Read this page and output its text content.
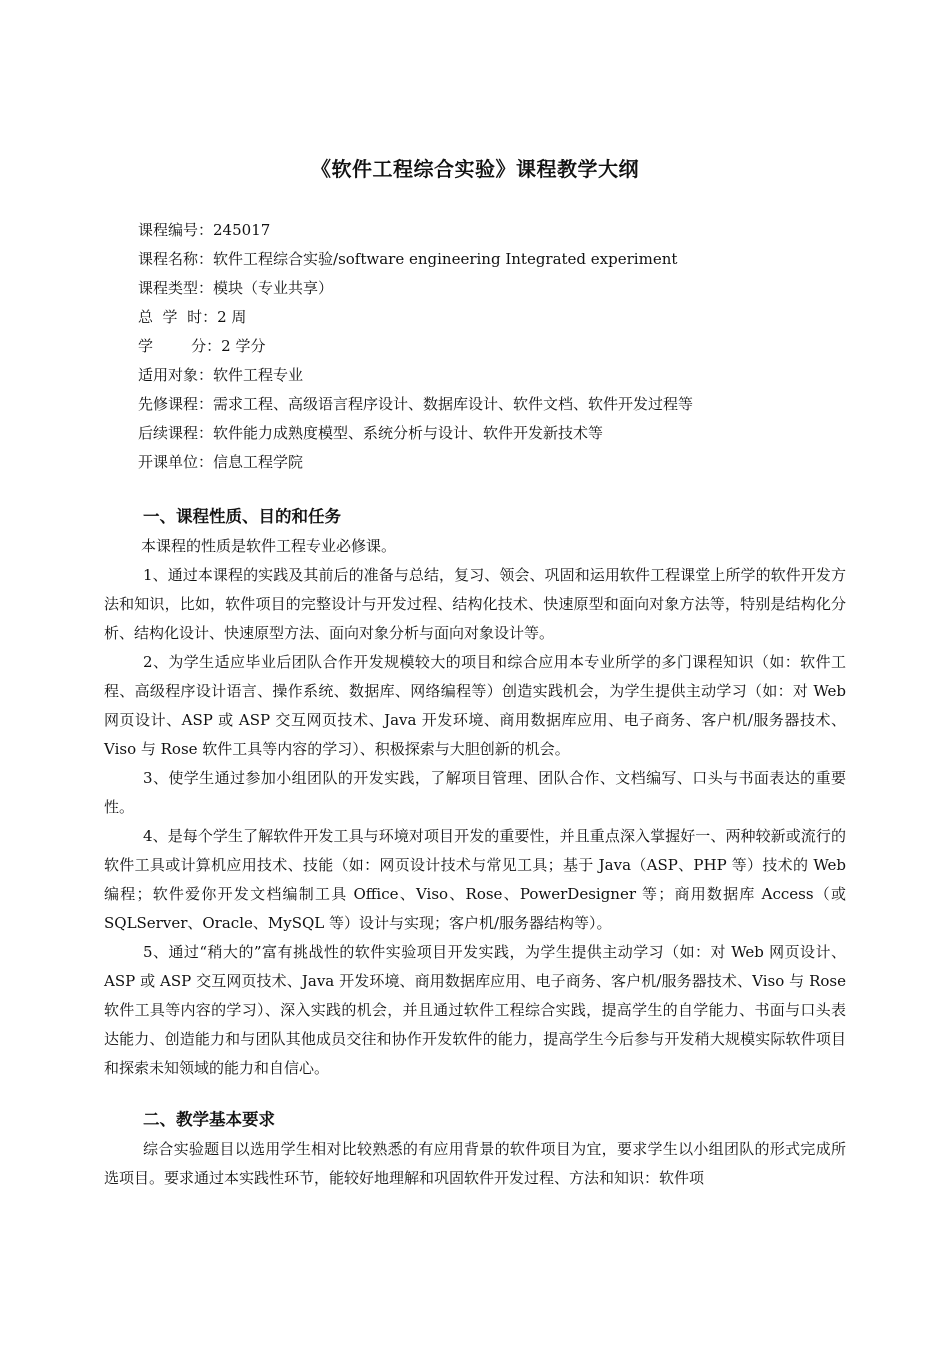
《软件工程综合实验》课程教学大纲
课程编号：245017
课程名称：软件工程综合实验/software engineering Integrated experiment
课程类型：模块（专业共享）
总  学  时：2 周
学        分：2 学分
适用对象：软件工程专业
先修课程：需求工程、高级语言程序设计、数据库设计、软件文档、软件开发过程等
后续课程：软件能力成熟度模型、系统分析与设计、软件开发新技术等
开课单位：信息工程学院
一、课程性质、目的和任务

本课程的性质是软件工程专业必修课。

1、通过本课程的实践及其前后的准备与总结，复习、领会、巩固和运用软件工程课堂上所学的软件开发方法和知识，比如，软件项目的完整设计与开发过程、结构化技术、快速原型和面向对象方法等，特别是结构化分析、结构化设计、快速原型方法、面向对象分析与面向对象设计等。

2、为学生适应毕业后团队合作开发规模较大的项目和综合应用本专业所学的多门课程知识（如：软件工程、高级程序设计语言、操作系统、数据库、网络编程等）创造实践机会，为学生提供主动学习（如：对 Web 网页设计、ASP 或 ASP 交互网页技术、Java 开发环境、商用数据库应用、电子商务、客户机/服务器技术、Viso 与 Rose 软件工具等内容的学习）、积极探索与大胆创新的机会。

3、使学生通过参加小组团队的开发实践，了解项目管理、团队合作、文档编写、口头与书面表达的重要性。

4、是每个学生了解软件开发工具与环境对项目开发的重要性，并且重点深入掌握好一、两种较新或流行的软件工具或计算机应用技术、技能（如：网页设计技术与常见工具；基于 Java（ASP、PHP 等）技术的 Web 编程；软件爱你开发文档编制工具 Office、Viso、Rose、PowerDesigner 等；商用数据库 Access（或 SQLServer、Oracle、MySQL 等）设计与实现；客户机/服务器结构等）。

5、通过“稍大的”富有挑战性的软件实验项目开发实践，为学生提供主动学习（如：对 Web 网页设计、ASP 或 ASP 交互网页技术、Java 开发环境、商用数据库应用、电子商务、客户机/服务器技术、Viso 与 Rose 软件工具等内容的学习）、深入实践的机会，并且通过软件工程综合实践，提高学生的自学能力、书面与口头表达能力、创造能力和与团队其他成员交往和协作开发软件的能力，提高学生今后参与开发稍大规模实际软件项目和探索未知领域的能力和自信心。

二、教学基本要求

综合实验题目以选用学生相对比较熟悉的有应用背景的软件项目为宜，要求学生以小组团队的形式完成所选项目。要求通过本实践性环节，能较好地理解和巩固软件开发过程、方法和知识：软件项
